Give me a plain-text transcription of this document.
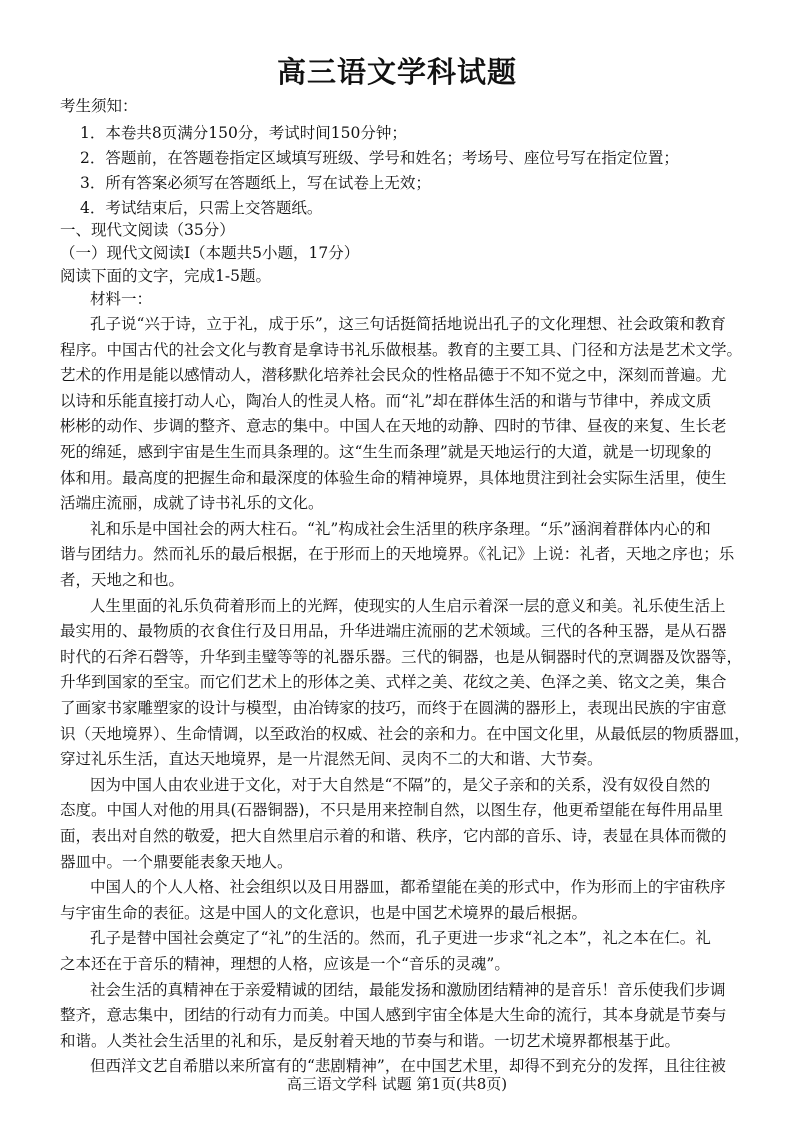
高三语文学科试题
考生须知：
1．本卷共8页满分150分，考试时间150分钟；
2．答题前，在答题卷指定区域填写班级、学号和姓名；考场号、座位号写在指定位置；
3．所有答案必须写在答题纸上，写在试卷上无效；
4．考试结束后，只需上交答题纸。
一、现代文阅读（35分）
（一）现代文阅读Ⅰ（本题共5小题，17分）
阅读下面的文字，完成1-5题。
材料一：
孔子说“兴于诗，立于礼，成于乐”，这三句话挺简括地说出孔子的文化理想、社会政策和教育
程序。中国古代的社会文化与教育是拿诗书礼乐做根基。教育的主要工具、门径和方法是艺术文学。
艺术的作用是能以感情动人，潜移默化培养社会民众的性格品德于不知不觉之中，深刻而普遍。尤
以诗和乐能直接打动人心，陶冶人的性灵人格。而“礼”却在群体生活的和谐与节律中，养成文质
彬彬的动作、步调的整齐、意志的集中。中国人在天地的动静、四时的节律、昼夜的来复、生长老
死的绵延，感到宇宙是生生而具条理的。这“生生而条理”就是天地运行的大道，就是一切现象的
体和用。最高度的把握生命和最深度的体验生命的精神境界，具体地贯注到社会实际生活里，使生
活端庄流丽，成就了诗书礼乐的文化。
礼和乐是中国社会的两大柱石。“礼”构成社会生活里的秩序条理。“乐”涵润着群体内心的和
谐与团结力。然而礼乐的最后根据，在于形而上的天地境界。《礼记》上说：礼者，天地之序也；乐
者，天地之和也。
人生里面的礼乐负荷着形而上的光辉，使现实的人生启示着深一层的意义和美。礼乐使生活上
最实用的、最物质的衣食住行及日用品，升华进端庄流丽的艺术领域。三代的各种玉器，是从石器
时代的石斧石磬等，升华到圭璧等等的礼器乐器。三代的铜器，也是从铜器时代的烹调器及饮器等，
升华到国家的至宝。而它们艺术上的形体之美、式样之美、花纹之美、色泽之美、铭文之美，集合
了画家书家雕塑家的设计与模型，由冶铸家的技巧，而终于在圆满的器形上，表现出民族的宇宙意
识（天地境界）、生命情调，以至政治的权威、社会的亲和力。在中国文化里，从最低层的物质器皿，
穿过礼乐生活，直达天地境界，是一片混然无间、灵肉不二的大和谐、大节奏。
因为中国人由农业进于文化，对于大自然是“不隔”的，是父子亲和的关系，没有奴役自然的
态度。中国人对他的用具(石器铜器)，不只是用来控制自然，以图生存，他更希望能在每件用品里
面，表出对自然的敬爱，把大自然里启示着的和谐、秩序，它内部的音乐、诗，表显在具体而微的
器皿中。一个鼎要能表象天地人。
中国人的个人人格、社会组织以及日用器皿，都希望能在美的形式中，作为形而上的宇宙秩序
与宇宙生命的表征。这是中国人的文化意识，也是中国艺术境界的最后根据。
孔子是替中国社会奠定了“礼”的生活的。然而，孔子更进一步求“礼之本”，礼之本在仁。礼
之本还在于音乐的精神，理想的人格，应该是一个“音乐的灵魂”。
社会生活的真精神在于亲爱精诚的团结，最能发扬和激励团结精神的是音乐！音乐使我们步调
整齐，意志集中，团结的行动有力而美。中国人感到宇宙全体是大生命的流行，其本身就是节奏与
和谐。人类社会生活里的礼和乐，是反射着天地的节奏与和谐。一切艺术境界都根基于此。
但西洋文艺自希腊以来所富有的“悲剧精神”，在中国艺术里，却得不到充分的发挥，且往往被
高三语文学科 试题 第1页(共8页)
